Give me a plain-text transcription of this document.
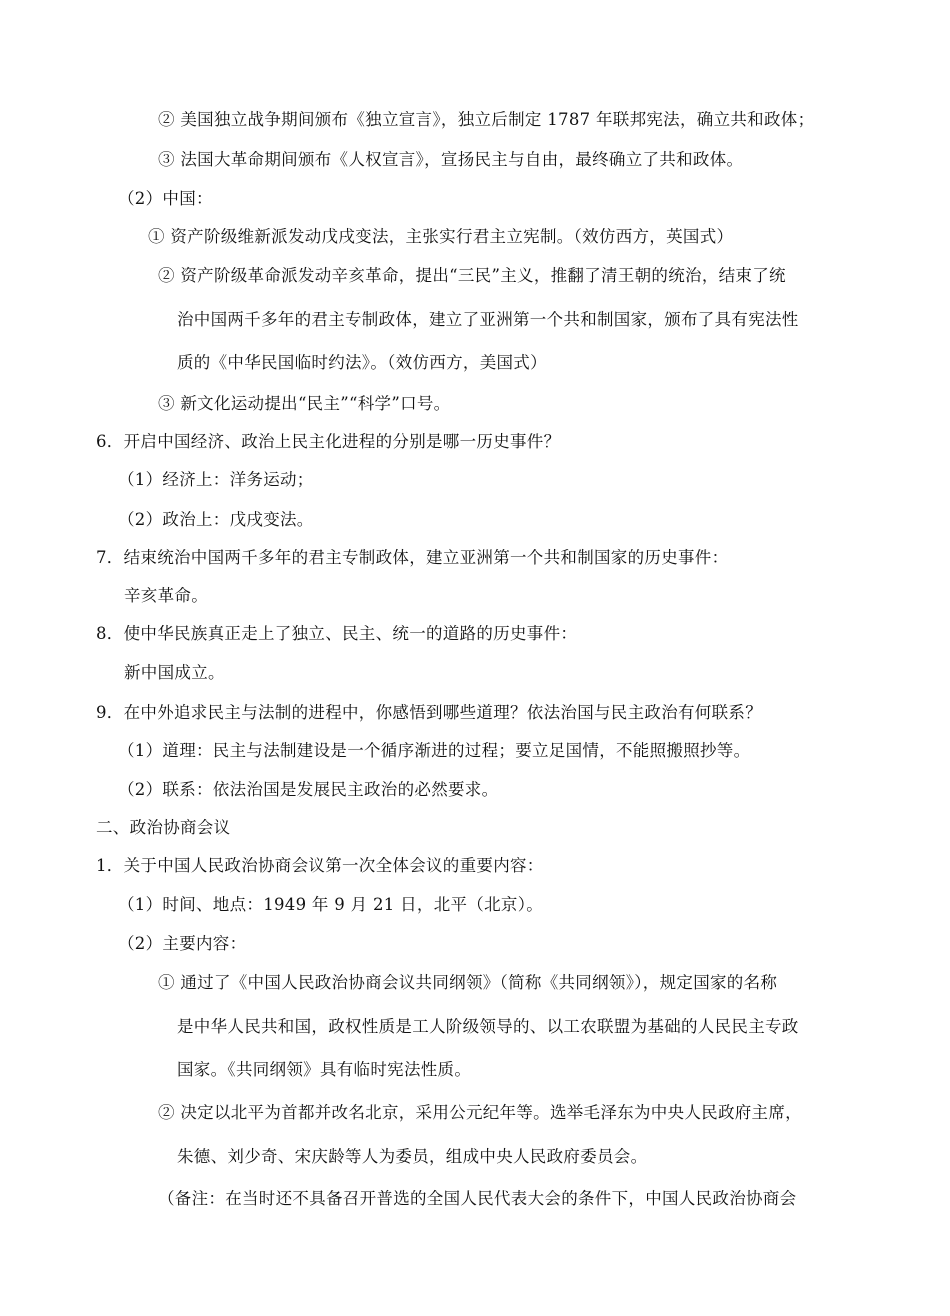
② 美国独立战争期间颁布《独立宣言》，独立后制定 1787 年联邦宪法，确立共和政体；
③ 法国大革命期间颁布《人权宣言》，宣扬民主与自由，最终确立了共和政体。
（2）中国：
① 资产阶级维新派发动戊戌变法，主张实行君主立宪制。（效仿西方，英国式）
② 资产阶级革命派发动辛亥革命，提出“三民”主义，推翻了清王朝的统治，结束了统
治中国两千多年的君主专制政体，建立了亚洲第一个共和制国家，颁布了具有宪法性
质的《中华民国临时约法》。（效仿西方，美国式）
③ 新文化运动提出“民主”“科学”口号。
6．开启中国经济、政治上民主化进程的分别是哪一历史事件？
（1）经济上：洋务运动；
（2）政治上：戊戌变法。
7．结束统治中国两千多年的君主专制政体，建立亚洲第一个共和制国家的历史事件：
辛亥革命。
8．使中华民族真正走上了独立、民主、统一的道路的历史事件：
新中国成立。
9．在中外追求民主与法制的进程中，你感悟到哪些道理？依法治国与民主政治有何联系？
（1）道理：民主与法制建设是一个循序渐进的过程；要立足国情，不能照搬照抄等。
（2）联系：依法治国是发展民主政治的必然要求。
二、政治协商会议
1．关于中国人民政治协商会议第一次全体会议的重要内容：
（1）时间、地点：1949 年 9 月 21 日，北平（北京）。
（2）主要内容：
① 通过了《中国人民政治协商会议共同纲领》（简称《共同纲领》），规定国家的名称
是中华人民共和国，政权性质是工人阶级领导的、以工农联盟为基础的人民民主专政
国家。《共同纲领》具有临时宪法性质。
② 决定以北平为首都并改名北京，采用公元纪年等。选举毛泽东为中央人民政府主席，
朱德、刘少奇、宋庆龄等人为委员，组成中央人民政府委员会。
（备注：在当时还不具备召开普选的全国人民代表大会的条件下，中国人民政治协商会
